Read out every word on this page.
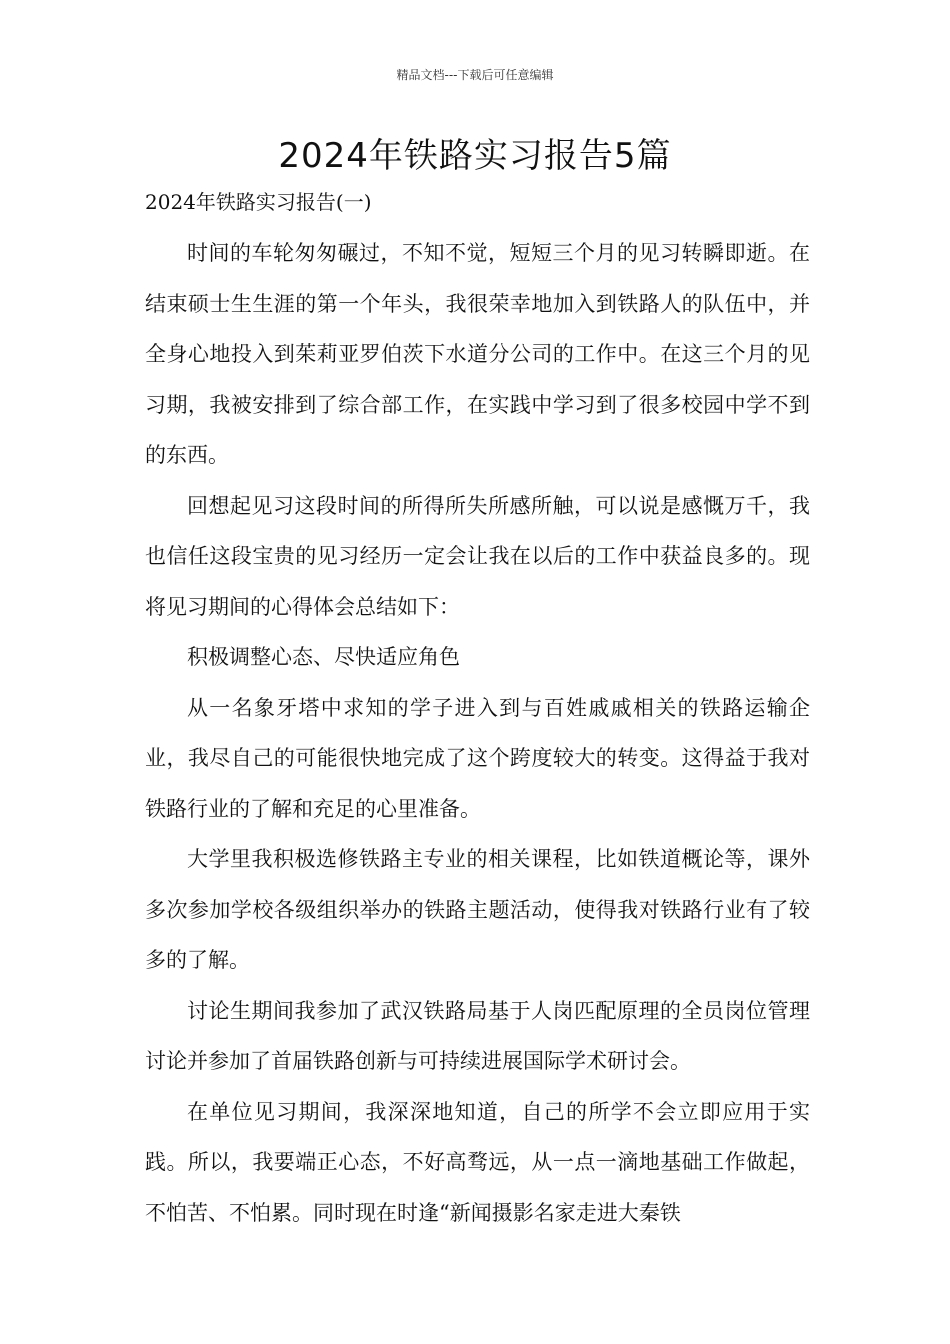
精品文档---下载后可任意编辑
2024年铁路实习报告5篇
2024年铁路实习报告(一)

时间的车轮匆匆碾过，不知不觉，短短三个月的见习转瞬即逝。在结束硕士生生涯的第一个年头，我很荣幸地加入到铁路人的队伍中，并全身心地投入到茱莉亚罗伯茨下水道分公司的工作中。在这三个月的见习期，我被安排到了综合部工作，在实践中学习到了很多校园中学不到的东西。

回想起见习这段时间的所得所失所感所触，可以说是感慨万千，我也信任这段宝贵的见习经历一定会让我在以后的工作中获益良多的。现将见习期间的心得体会总结如下：

积极调整心态、尽快适应角色

从一名象牙塔中求知的学子进入到与百姓戚戚相关的铁路运输企业，我尽自己的可能很快地完成了这个跨度较大的转变。这得益于我对铁路行业的了解和充足的心里准备。

大学里我积极选修铁路主专业的相关课程，比如铁道概论等，课外多次参加学校各级组织举办的铁路主题活动，使得我对铁路行业有了较多的了解。

讨论生期间我参加了武汉铁路局基于人岗匹配原理的全员岗位管理讨论并参加了首届铁路创新与可持续进展国际学术研讨会。

在单位见习期间，我深深地知道，自己的所学不会立即应用于实践。所以，我要端正心态，不好高骛远，从一点一滴地基础工作做起，不怕苦、不怕累。同时现在时逢“新闻摄影名家走进大秦铁
